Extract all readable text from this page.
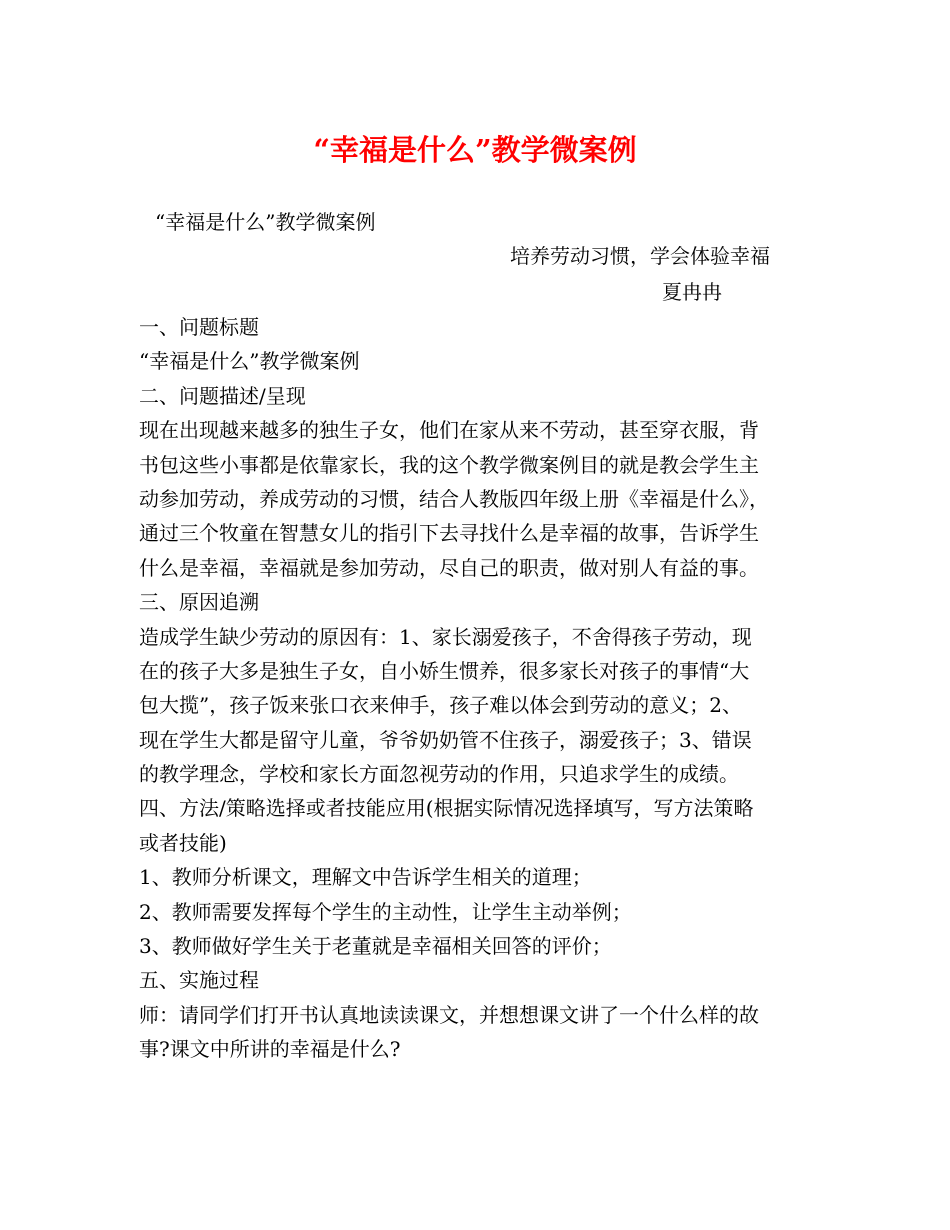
“幸福是什么”教学微案例
“幸福是什么”教学微案例
培养劳动习惯，学会体验幸福
夏冉冉
一、问题标题
“幸福是什么”教学微案例
二、问题描述/呈现
现在出现越来越多的独生子女，他们在家从来不劳动，甚至穿衣服，背
书包这些小事都是依靠家长，我的这个教学微案例目的就是教会学生主
动参加劳动，养成劳动的习惯，结合人教版四年级上册《幸福是什么》，
通过三个牧童在智慧女儿的指引下去寻找什么是幸福的故事，告诉学生
什么是幸福，幸福就是参加劳动，尽自己的职责，做对别人有益的事。
三、原因追溯
造成学生缺少劳动的原因有：1、家长溺爱孩子，不舍得孩子劳动，现
在的孩子大多是独生子女，自小娇生惯养，很多家长对孩子的事情“大
包大揽”，孩子饭来张口衣来伸手，孩子难以体会到劳动的意义；2、
现在学生大都是留守儿童，爷爷奶奶管不住孩子，溺爱孩子；3、错误
的教学理念，学校和家长方面忽视劳动的作用，只追求学生的成绩。
四、方法/策略选择或者技能应用(根据实际情况选择填写，写方法策略
或者技能)
1、教师分析课文，理解文中告诉学生相关的道理；
2、教师需要发挥每个学生的主动性，让学生主动举例；
3、教师做好学生关于老董就是幸福相关回答的评价；
五、实施过程
师：请同学们打开书认真地读读课文，并想想课文讲了一个什么样的故
事?课文中所讲的幸福是什么?
